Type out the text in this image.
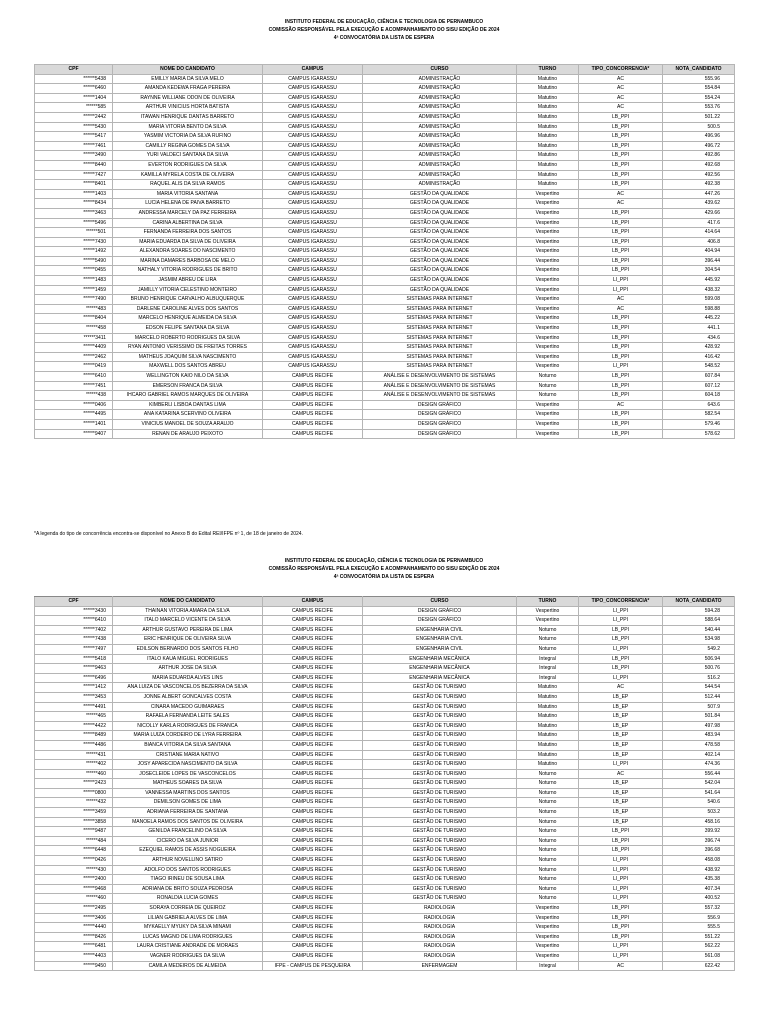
INSTITUTO FEDERAL DE EDUCAÇÃO, CIÊNCIA E TECNOLOGIA DE PERNAMBUCO
COMISSÃO RESPONSÁVEL PELA EXECUÇÃO E ACOMPANHAMENTO DO SISU EDIÇÃO DE 2024
4ª CONVOCATÓRIA DA LISTA DE ESPERA
CPF	NOME DO CANDIDATO	CAMPUS	CURSO	TURNO	TIPO_CONCORRENCIA*	NOTA_CANDIDATO
******5438	EMILLY MARIA DA SILVA MELO	CAMPUS IGARASSU	ADMINISTRAÇÃO	Matutino	AC	555.96
******6460	AMANDA KEDEWA FRAGA PEREIRA	CAMPUS IGARASSU	ADMINISTRAÇÃO	Matutino	AC	554.84
******1404	RAYNNE WILLIANE ODON DE OLIVEIRA	CAMPUS IGARASSU	ADMINISTRAÇÃO	Matutino	AC	554.24
******585	ARTHUR VINICIUS HORTA BATISTA	CAMPUS IGARASSU	ADMINISTRAÇÃO	Matutino	AC	553.76
******2442	ITAWAN HENRIQUE DANTAS BARRETO	CAMPUS IGARASSU	ADMINISTRAÇÃO	Matutino	LB_PPI	501.22
******5430	MARIA VITORIA BENTO DA SILVA	CAMPUS IGARASSU	ADMINISTRAÇÃO	Matutino	LB_PPI	500.5
******5417	YASMIM VICTORIA DA SILVA RUFINO	CAMPUS IGARASSU	ADMINISTRAÇÃO	Matutino	LB_PPI	496.96
******7461	CAMILLY REGINA GOMES DA SILVA	CAMPUS IGARASSU	ADMINISTRAÇÃO	Matutino	LB_PPI	496.72
******3490	YURI VALDECI SANTANA DA SILVA	CAMPUS IGARASSU	ADMINISTRAÇÃO	Matutino	LB_PPI	492.86
******8440	EVERTON RODRIGUES DA SILVA	CAMPUS IGARASSU	ADMINISTRAÇÃO	Matutino	LB_PPI	492.68
******7427	KAMILLA MYRELA COSTA DE OLIVEIRA	CAMPUS IGARASSU	ADMINISTRAÇÃO	Matutino	LB_PPI	492.56
******8401	RAQUEL ALIS DA SILVA RAMOS	CAMPUS IGARASSU	ADMINISTRAÇÃO	Matutino	LB_PPI	492.38
******1403	MARIA VITORIA SANTANA	CAMPUS IGARASSU	GESTÃO DA QUALIDADE	Vespertino	AC	447.26
******8434	LUCIA HELENA DE PAIVA BARRETO	CAMPUS IGARASSU	GESTÃO DA QUALIDADE	Vespertino	AC	439.62
******3463	ANDRESSA MARCELY DA PAZ FERREIRA	CAMPUS IGARASSU	GESTÃO DA QUALIDADE	Vespertino	LB_PPI	429.66
******5496	CARINA ALBERTINA DA SILVA	CAMPUS IGARASSU	GESTÃO DA QUALIDADE	Vespertino	LB_PPI	417.6
******501	FERNANDA FERREIRA DOS SANTOS	CAMPUS IGARASSU	GESTÃO DA QUALIDADE	Vespertino	LB_PPI	414.64
******7430	MARIA EDUARDA DA SILVA DE OLIVEIRA	CAMPUS IGARASSU	GESTÃO DA QUALIDADE	Vespertino	LB_PPI	406.8
******1492	ALEXANDRA SOARES DO NASCIMENTO	CAMPUS IGARASSU	GESTÃO DA QUALIDADE	Vespertino	LB_PPI	404.94
******5490	MARINA DAMARES BARBOSA DE MELO	CAMPUS IGARASSU	GESTÃO DA QUALIDADE	Vespertino	LB_PPI	396.44
******0455	NATHALY VITORIA RODRIGUES DE BRITO	CAMPUS IGARASSU	GESTÃO DA QUALIDADE	Vespertino	LB_PPI	304.54
******1483	JASMIM ABREU DE LIRA	CAMPUS IGARASSU	GESTÃO DA QUALIDADE	Vespertino	LI_PPI	445.92
******1459	JAMILLY VITORIA CELESTINO MONTEIRO	CAMPUS IGARASSU	GESTÃO DA QUALIDADE	Vespertino	LI_PPI	438.32
******7490	BRUNO HENRIQUE CARVALHO ALBUQUERQUE	CAMPUS IGARASSU	SISTEMAS PARA INTERNET	Vespertino	AC	599.08
******483	DARLENE CAROLINE ALVES DOS SANTOS	CAMPUS IGARASSU	SISTEMAS PARA INTERNET	Vespertino	AC	598.88
******8404	MARCELO HENRIQUE ALMEIDA DA SILVA	CAMPUS IGARASSU	SISTEMAS PARA INTERNET	Vespertino	LB_PPI	445.22
******458	EDSON FELIPE SANTANA DA SILVA	CAMPUS IGARASSU	SISTEMAS PARA INTERNET	Vespertino	LB_PPI	441.1
******3411	MARCELO ROBERTO RODRIGUES DA SILVA	CAMPUS IGARASSU	SISTEMAS PARA INTERNET	Vespertino	LB_PPI	434.6
******4409	RYAN ANTONIO VERISSIMO DE FREITAS TORRES	CAMPUS IGARASSU	SISTEMAS PARA INTERNET	Vespertino	LB_PPI	428.92
******2462	MATHEUS JOAQUIM SILVA NASCIMENTO	CAMPUS IGARASSU	SISTEMAS PARA INTERNET	Vespertino	LB_PPI	416.42
******0419	MAXWELL DOS SANTOS ABREU	CAMPUS IGARASSU	SISTEMAS PARA INTERNET	Vespertino	LI_PPI	548.52
******6410	WELLINGTON KAIO NILO DA SILVA	CAMPUS RECIFE	ANÁLISE E DESENVOLVIMENTO DE SISTEMAS	Noturno	LB_PPI	607.84
******7451	EMERSON FRANCA DA SILVA	CAMPUS RECIFE	ANÁLISE E DESENVOLVIMENTO DE SISTEMAS	Noturno	LB_PPI	607.12
******438	IHCARO GABRIEL RAMOS MARQUES DE OLIVEIRA	CAMPUS RECIFE	ANÁLISE E DESENVOLVIMENTO DE SISTEMAS	Noturno	LB_PPI	604.18
******0406	KIMBERLI LISBOA DANTAS LIMA	CAMPUS RECIFE	DESIGN GRÁFICO	Vespertino	AC	643.6
******4495	ANA KATARINA SCERVINO OLIVEIRA	CAMPUS RECIFE	DESIGN GRÁFICO	Vespertino	LB_PPI	582.54
******1401	VINICIUS MANOEL DE SOUZA ARAUJO	CAMPUS RECIFE	DESIGN GRÁFICO	Vespertino	LB_PPI	579.46
******9407	RENAN DE ARAUJO PEIXOTO	CAMPUS RECIFE	DESIGN GRÁFICO	Vespertino	LB_PPI	578.62
*A legenda do tipo de concorrência encontra-se disponível no Anexo B do Edital REI/IFPE nº 1, de 18 de janeiro de 2024.
INSTITUTO FEDERAL DE EDUCAÇÃO, CIÊNCIA E TECNOLOGIA DE PERNAMBUCO
COMISSÃO RESPONSÁVEL PELA EXECUÇÃO E ACOMPANHAMENTO DO SISU EDIÇÃO DE 2024
4ª CONVOCATÓRIA DA LISTA DE ESPERA
CPF	NOME DO CANDIDATO	CAMPUS	CURSO	TURNO	TIPO_CONCORRENCIA*	NOTA_CANDIDATO
******3430	THAINAN VITORIA AMARA DA SILVA	CAMPUS RECIFE	DESIGN GRÁFICO	Vespertino	LI_PPI	594.28
******6410	ITALO MARCELO VICENTE DA SILVA	CAMPUS RECIFE	DESIGN GRÁFICO	Vespertino	LI_PPI	588.64
******7402	ARTHUR GUSTAVO PEREIRA DE LIMA	CAMPUS RECIFE	ENGENHARIA CIVIL	Noturno	LB_PPI	540.44
******7438	ERIC HENRIQUE DE OLIVEIRA SILVA	CAMPUS RECIFE	ENGENHARIA CIVIL	Noturno	LB_PPI	534.98
******7497	EDILSON BERNARDO DOS SANTOS FILHO	CAMPUS RECIFE	ENGENHARIA CIVIL	Noturno	LI_PPI	549.2
******5418	ITALO KAUA MIGUEL RODRIGUES	CAMPUS RECIFE	ENGENHARIA MECÂNICA	Integral	LB_PPI	506.94
******9463	ARTHUR JOSE DA SILVA	CAMPUS RECIFE	ENGENHARIA MECÂNICA	Integral	LB_PPI	500.76
******6496	MARIA EDUARDA ALVES LINS	CAMPUS RECIFE	ENGENHARIA MECÂNICA	Integral	LI_PPI	516.2
******1412	ANA LUIZA DE VASCONCELOS BEZERRA DA SILVA	CAMPUS RECIFE	GESTÃO DE TURISMO	Matutino	AC	544.54
******3453	JONNE ALBERT GONCALVES COSTA	CAMPUS RECIFE	GESTÃO DE TURISMO	Matutino	LB_EP	512.44
******4491	CINARA MACEDO GUIMARAES	CAMPUS RECIFE	GESTÃO DE TURISMO	Matutino	LB_EP	507.9
******465	RAFAELA FERNANDA LEITE SALES	CAMPUS RECIFE	GESTÃO DE TURISMO	Matutino	LB_EP	501.84
******4422	NICOLLY KARLA RODRIGUES DE FRANCA	CAMPUS RECIFE	GESTÃO DE TURISMO	Matutino	LB_EP	497.98
******8489	MARIA LUIZA CORDEIRO DE LYRA FERREIRA	CAMPUS RECIFE	GESTÃO DE TURISMO	Matutino	LB_EP	483.94
******4486	BIANCA VITORIA DA SILVA SANTANA	CAMPUS RECIFE	GESTÃO DE TURISMO	Matutino	LB_EP	478.58
******431	CRISTIANE MARIA NATIVO	CAMPUS RECIFE	GESTÃO DE TURISMO	Matutino	LB_EP	402.14
******402	JOSY APARECIDA NASCIMENTO DA SILVA	CAMPUS RECIFE	GESTÃO DE TURISMO	Matutino	LI_PPI	474.36
******460	JOSECLEIDE LOPES DE VASCONCELOS	CAMPUS RECIFE	GESTÃO DE TURISMO	Noturno	AC	556.44
******2423	MATHEUS SOARES DA SILVA	CAMPUS RECIFE	GESTÃO DE TURISMO	Noturno	LB_EP	542.04
******0800	VANNESSA MARTINS DOS SANTOS	CAMPUS RECIFE	GESTÃO DE TURISMO	Noturno	LB_EP	541.64
******432	DEMILSON GOMES DE LIMA	CAMPUS RECIFE	GESTÃO DE TURISMO	Noturno	LB_EP	540.6
******3459	ADRIANA FERREIRA DE SANTANA	CAMPUS RECIFE	GESTÃO DE TURISMO	Noturno	LB_EP	503.2
******3858	MANOELA RAMOS DOS SANTOS DE OLIVEIRA	CAMPUS RECIFE	GESTÃO DE TURISMO	Noturno	LB_EP	458.16
******9487	GENILDA FRANCELINO DA SILVA	CAMPUS RECIFE	GESTÃO DE TURISMO	Noturno	LB_PPI	399.92
******484	CICERO DA SILVA JUNIOR	CAMPUS RECIFE	GESTÃO DE TURISMO	Noturno	LB_PPI	396.74
******6448	EZEQUIEL RAMOS DE ASSIS NOGUEIRA	CAMPUS RECIFE	GESTÃO DE TURISMO	Noturno	LB_PPI	396.68
******0426	ARTHUR NOVELLINO SATIRO	CAMPUS RECIFE	GESTÃO DE TURISMO	Noturno	LI_PPI	458.08
******430	ADOLFO DOS SANTOS RODRIGUES	CAMPUS RECIFE	GESTÃO DE TURISMO	Noturno	LI_PPI	438.92
******2400	TIAGO IRINEU DE SOUSA LIMA	CAMPUS RECIFE	GESTÃO DE TURISMO	Noturno	LI_PPI	435.38
******9468	ADRIANA DE BRITO SOUZA PEDROSA	CAMPUS RECIFE	GESTÃO DE TURISMO	Noturno	LI_PPI	407.34
******460	RONALDIA LUCIA GOMES	CAMPUS RECIFE	GESTÃO DE TURISMO	Noturno	LI_PPI	400.52
******2495	SORAYA CORREIA DE QUEIROZ	CAMPUS RECIFE	RADIOLOGIA	Vespertino	LB_PPI	557.32
******3406	LILIAN GABRIELA ALVES DE LIMA	CAMPUS RECIFE	RADIOLOGIA	Vespertino	LB_PPI	556.9
******4440	MYKAELLY MYUKY DA SILVA MINAMI	CAMPUS RECIFE	RADIOLOGIA	Vespertino	LB_PPI	555.5
******8426	LUCAS MAGNO DE LIMA RODRIGUES	CAMPUS RECIFE	RADIOLOGIA	Vespertino	LB_PPI	551.22
******6481	LAURA CRISTIANE ANDRADE DE MORAES	CAMPUS RECIFE	RADIOLOGIA	Vespertino	LI_PPI	562.22
******4403	VAGNER RODRIGUES DA SILVA	CAMPUS RECIFE	RADIOLOGIA	Vespertino	LI_PPI	561.08
******9450	CAMILA MEDEIROS DE ALMEIDA	IFPE - CAMPUS DE PESQUEIRA	ENFERMAGEM	Integral	AC	622.42
